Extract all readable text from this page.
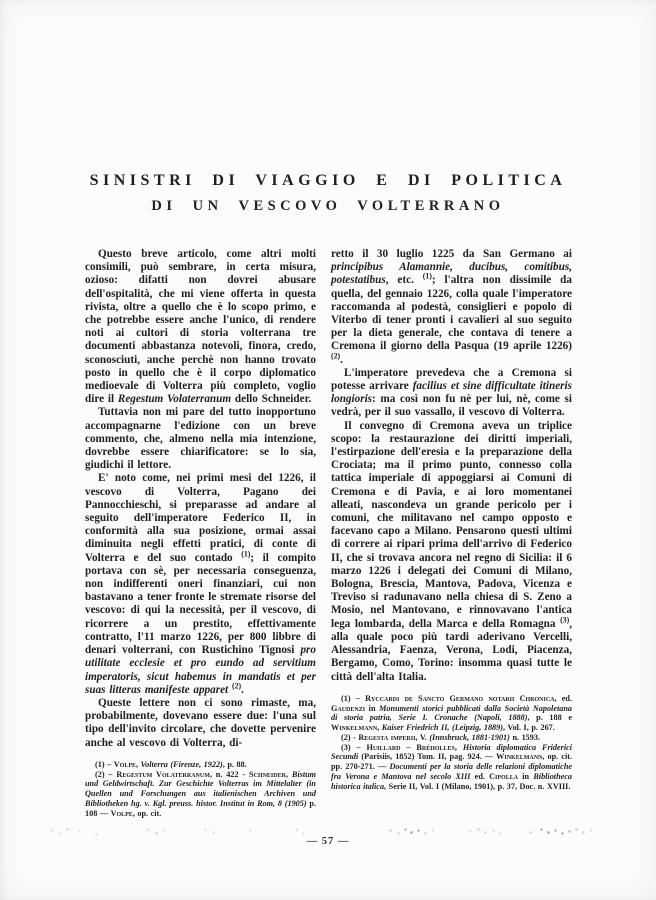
SINISTRI DI VIAGGIO E DI POLITICA
DI UN VESCOVO VOLTERRANO

Questo breve articolo, come altri molti consimili, può sembrare, in certa misura, ozioso: difatti non dovrei abusare dell'ospitalità, che mi viene offerta in questa rivista, oltre a quello che è lo scopo primo, e che potrebbe essere anche l'unico, di rendere noti ai cultori di storia volterrana tre documenti abbastanza notevoli, finora, credo, sconosciuti, anche perchè non hanno trovato posto in quello che è il corpo diplomatico medioevale di Volterra più completo, voglio dire il Regestum Volaterranum dello Schneider.

Tuttavia non mi pare del tutto inopportuno accompagnarne l'edizione con un breve commento, che, almeno nella mia intenzione, dovrebbe essere chiarificatore: se lo sia, giudichi il lettore.

E' noto come, nei primi mesi del 1226, il vescovo di Volterra, Pagano dei Pannocchieschi, si preparasse ad andare al seguito dell'imperatore Federico II, in conformità alla sua posizione, ormai assai diminuita negli effetti pratici, di conte di Volterra e del suo contado $^{(1)}$; il compito portava con sè, per necessaria conseguenza, non indifferenti oneri finanziari, cui non bastavano a tener fronte le stremate risorse del vescovo: di qui la necessità, per il vescovo, di ricorrere a un prestito, effettivamente contratto, l'11 marzo 1226, per 800 libbre di denari volterrani, con Rustichino Tignosi pro utilitate ecclesie et pro eundo ad servitium imperatoris, sicut habemus in mandatis et per suas litteras manifeste apparet $^{(2)}$.

Queste lettere non ci sono rimaste, ma, probabilmente, dovevano essere due: l'una sul tipo dell'invito circolare, che dovette pervenire anche al vescovo di Volterra, di-

(1) – Volpe, Volterra (Firenze, 1922), p. 88.

(2) – Regestum Volaterranum, n. 422 - Schneider, Bistum und Geldwirtschaft. Zur Geschichte Volterras im Mittelalter (in Quellen und Forschungen aus italienischen Archiven und Bibliotheken hg. v. Kgl. preuss. histor. Institut in Rom, 8 (1905) p. 108 — Volpe, op. cit.

retto il 30 luglio 1225 da San Germano ai principibus Alamannie, ducibus, comitibus, potestatibus, etc. $^{(1)}$; l'altra non dissimile da quella, del gennaio 1226, colla quale l'imperatore raccomanda al podestà, consiglieri e popolo di Viterbo di tener pronti i cavalieri al suo seguito per la dieta generale, che contava di tenere a Cremona il giorno della Pasqua (19 aprile 1226) $^{(2)}$.

L'imperatore prevedeva che a Cremona si potesse arrivare facilius et sine difficultate itineris longioris: ma così non fu nè per lui, nè, come si vedrà, per il suo vassallo, il vescovo di Volterra.

Il convegno di Cremona aveva un triplice scopo: la restaurazione dei diritti imperiali, l'estirpazione dell'eresia e la preparazione della Crociata; ma il primo punto, connesso colla tattica imperiale di appoggiarsi ai Comuni di Cremona e di Pavia, e ai loro momentanei alleati, nascondeva un grande pericolo per i comuni, che militavano nel campo opposto e facevano capo a Milano. Pensarono questi ultimi di correre ai ripari prima dell'arrivo di Federico II, che si trovava ancora nel regno di Sicilia: il 6 marzo 1226 i delegati dei Comuni di Milano, Bologna, Brescia, Mantova, Padova, Vicenza e Treviso si radunavano nella chiesa di S. Zeno a Mosio, nel Mantovano, e rinnovavano l'antica lega lombarda, della Marca e della Romagna $^{(3)}$, alla quale poco più tardi aderivano Vercelli, Alessandria, Faenza, Verona, Lodi, Piacenza, Bergamo, Como, Torino: insomma quasi tutte le città dell'alta Italia.

(1) – Ryccardi de Sancto Germano notarii Chronica, ed. Gaudenzi in Monumenti storici pubblicati dalla Società Napoletana di storia patria, Serie I. Cronache (Napoli, 1888), p. 188 e Winkelmann, Kaiser Friedrich II, (Leipzig, 1889), Vol. I, p. 267.

(2) - Regesta imperii, V. (Innsbruck, 1881-1901) n. 1593.

(3) – Huillard – Bréholles, Historia diplomatica Friderici Secundi (Parisiis, 1852) Tom. II, pag. 924. — Winkelmann, op. cit. pp. 270-271. — Documenti per la storia delle relazioni diplomatiche fra Verona e Mantova nel secolo XIII ed. Cipolla in Bibliotheca historica italica, Serie II, Vol. I (Milano, 1901), p. 37, Doc. n. XVIII.

— 57 —
